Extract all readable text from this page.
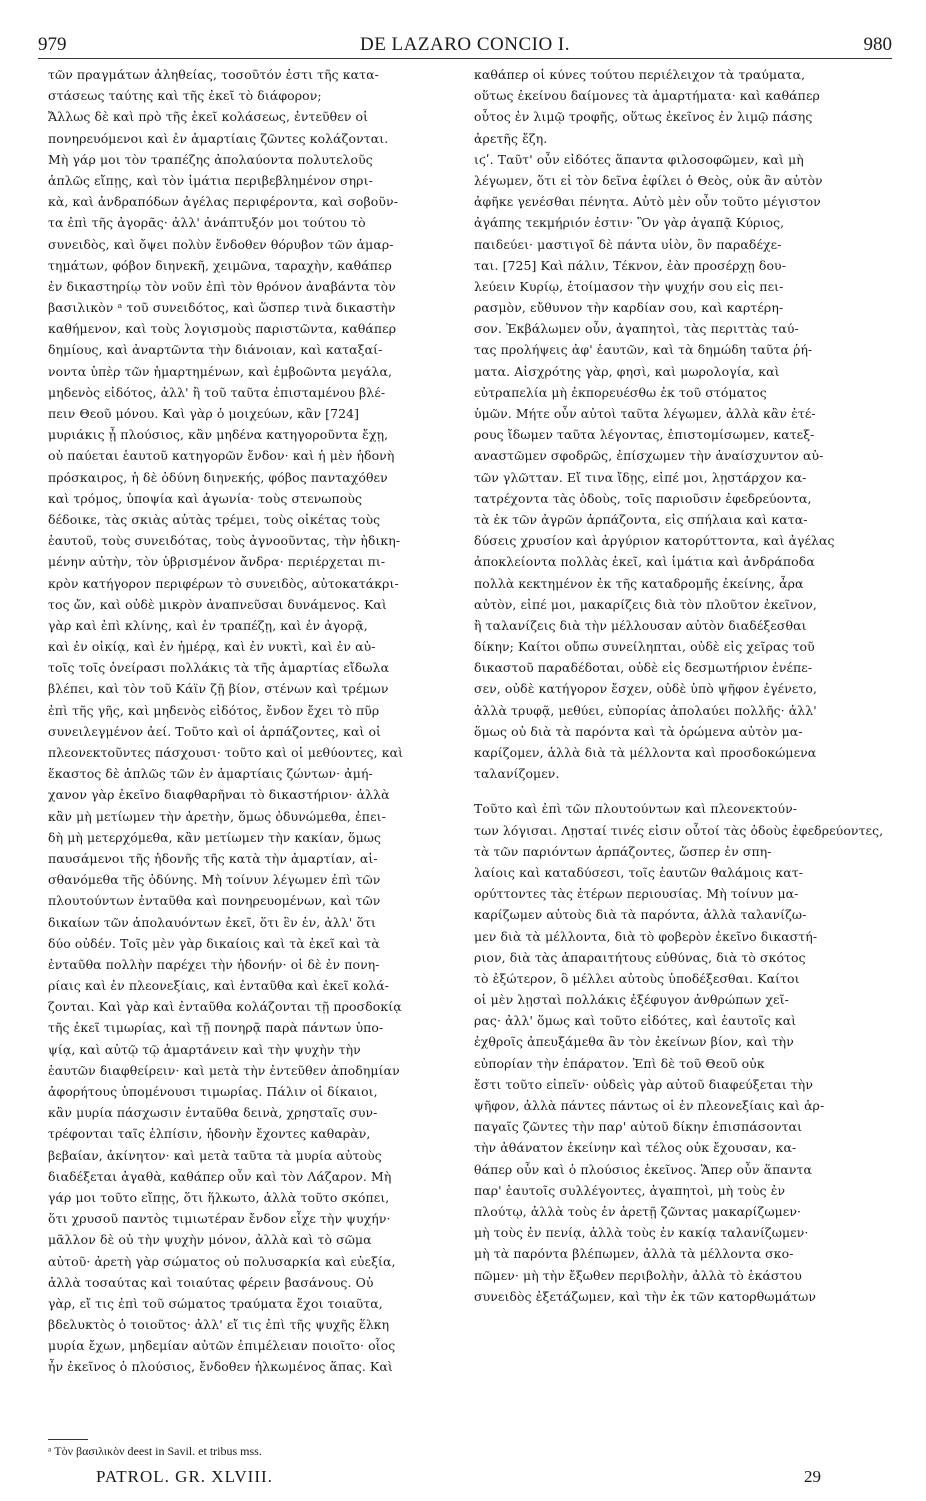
979	DE LAZARO CONCIO I.	980
τῶν πραγμάτων ἀληθείας, τοσοῦτόν ἐστι τῆς κατα-
στάσεως ταύτης καὶ τῆς ἐκεῖ τὸ διάφορον;
Ἄλλως δὲ καὶ πρὸ τῆς ἐκεῖ κολάσεως, ἐντεῦθεν οἱ
πονηρευόμενοι καὶ ἐν ἁμαρτίαις ζῶντες κολάζονται.
Μὴ γάρ μοι τὸν τραπέζης ἀπολαύοντα πολυτελοῦς
ἁπλῶς εἴπῃς, καὶ τὸν ἱμάτια περιβεβλημένον σηρι-
κὰ, καὶ ἀνδραπόδων ἀγέλας περιφέροντα, καὶ σοβοῦν-
τα ἐπὶ τῆς ἀγορᾶς· ἀλλ' ἀνάπτυξόν μοι τούτου τὸ
συνειδὸς, καὶ ὄψει πολὺν ἔνδοθεν θόρυβον τῶν ἁμαρ-
τημάτων, φόβον διηνεκῆ, χειμῶνα, ταραχὴν, καθάπερ
ἐν δικαστηρίῳ τὸν νοῦν ἐπὶ τὸν θρόνον ἀναβάντα τὸν
βασιλικὸν ᵃ τοῦ συνειδότος, καὶ ὥσπερ τινὰ δικαστὴν
καθήμενον, καὶ τοὺς λογισμοὺς παριστῶντα, καθάπερ
δημίους, καὶ ἀναρτῶντα τὴν διάνοιαν, καὶ καταξαί-
νοντα ὑπὲρ τῶν ἡμαρτημένων, καὶ ἐμβοῶντα μεγάλα,
μηδενὸς εἰδότος, ἀλλ' ἢ τοῦ ταῦτα ἐπισταμένου βλέ-
πειν Θεοῦ μόνου. Καὶ γὰρ ὁ μοιχεύων, κἂν [724]
μυριάκις ᾖ πλούσιος, κἂν μηδένα κατηγοροῦντα ἔχῃ,
οὐ παύεται ἑαυτοῦ κατηγορῶν ἔνδον· καὶ ἡ μὲν ἡδονὴ
πρόσκαιρος, ἡ δὲ ὀδύνη διηνεκής, φόβος πανταχόθεν
καὶ τρόμος, ὑποψία καὶ ἀγωνία· τοὺς στενωποὺς
δέδοικε, τὰς σκιὰς αὐτὰς τρέμει, τοὺς οἰκέτας τοὺς
ἑαυτοῦ, τοὺς συνειδότας, τοὺς ἀγνοοῦντας, τὴν ἠδικη-
μένην αὐτὴν, τὸν ὑβρισμένον ἄνδρα· περιέρχεται πι-
κρὸν κατήγορον περιφέρων τὸ συνειδὸς, αὐτοκατάκρι-
τος ὤν, καὶ οὐδὲ μικρὸν ἀναπνεῦσαι δυνάμενος. Καὶ
γὰρ καὶ ἐπὶ κλίνης, καὶ ἐν τραπέζῃ, καὶ ἐν ἀγορᾷ,
καὶ ἐν οἰκίᾳ, καὶ ἐν ἡμέρᾳ, καὶ ἐν νυκτὶ, καὶ ἐν αὐ-
τοῖς τοῖς ὀνείρασι πολλάκις τὰ τῆς ἁμαρτίας εἴδωλα
βλέπει, καὶ τὸν τοῦ Κάϊν ζῇ βίον, στένων καὶ τρέμων
ἐπὶ τῆς γῆς, καὶ μηδενὸς εἰδότος, ἔνδον ἔχει τὸ πῦρ
συνειλεγμένον ἀεί. Τοῦτο καὶ οἱ ἁρπάζοντες, καὶ οἱ
πλεονεκτοῦντες πάσχουσι· τοῦτο καὶ οἱ μεθύοντες, καὶ
ἕκαστος δὲ ἁπλῶς τῶν ἐν ἁμαρτίαις ζώντων· ἀμή-
χανον γὰρ ἐκεῖνο διαφθαρῆναι τὸ δικαστήριον· ἀλλὰ
κἂν μὴ μετίωμεν τὴν ἀρετὴν, ὅμως ὀδυνώμεθα, ἐπει-
δὴ μὴ μετερχόμεθα, κἂν μετίωμεν τὴν κακίαν, ὅμως
παυσάμενοι τῆς ἡδονῆς τῆς κατὰ τὴν ἁμαρτίαν, αἰ-
σθανόμεθα τῆς ὀδύνης. Μὴ τοίνυν λέγωμεν ἐπὶ τῶν
πλουτούντων ἐνταῦθα καὶ πονηρευομένων, καὶ τῶν
δικαίων τῶν ἀπολαυόντων ἐκεῖ, ὅτι ἓν ἐν, ἀλλ' ὅτι
δύο οὐδέν. Τοῖς μὲν γὰρ δικαίοις καὶ τὰ ἐκεῖ καὶ τὰ
ἐνταῦθα πολλὴν παρέχει τὴν ἡδονήν· οἱ δὲ ἐν πονη-
ρίαις καὶ ἐν πλεονεξίαις, καὶ ἐνταῦθα καὶ ἐκεῖ κολά-
ζονται. Καὶ γὰρ καὶ ἐνταῦθα κολάζονται τῇ προσδοκίᾳ
τῆς ἐκεῖ τιμωρίας, καὶ τῇ πονηρᾷ παρὰ πάντων ὑπο-
ψίᾳ, καὶ αὐτῷ τῷ ἁμαρτάνειν καὶ τὴν ψυχὴν τὴν
ἑαυτῶν διαφθείρειν· καὶ μετὰ τὴν ἐντεῦθεν ἀποδημίαν
ἀφορήτους ὑπομένουσι τιμωρίας. Πάλιν οἱ δίκαιοι,
κἂν μυρία πάσχωσιν ἐνταῦθα δεινὰ, χρησταῖς συν-
τρέφονται ταῖς ἐλπίσιν, ἡδονὴν ἔχοντες καθαρὰν,
βεβαίαν, ἀκίνητον· καὶ μετὰ ταῦτα τὰ μυρία αὐτοὺς
διαδέξεται ἀγαθὰ, καθάπερ οὖν καὶ τὸν Λάζαρον. Μὴ
γάρ μοι τοῦτο εἴπῃς, ὅτι ἥλκωτο, ἀλλὰ τοῦτο σκόπει,
ὅτι χρυσοῦ παντὸς τιμιωτέραν ἔνδον εἶχε τὴν ψυχήν·
μᾶλλον δὲ οὐ τὴν ψυχὴν μόνον, ἀλλὰ καὶ τὸ σῶμα
αὐτοῦ· ἀρετὴ γὰρ σώματος οὐ πολυσαρκία καὶ εὐεξία,
ἀλλὰ τοσαύτας καὶ τοιαύτας φέρειν βασάνους. Οὐ
γὰρ, εἴ τις ἐπὶ τοῦ σώματος τραύματα ἔχοι τοιαῦτα,
βδελυκτὸς ὁ τοιοῦτος· ἀλλ' εἴ τις ἐπὶ τῆς ψυχῆς ἕλκη
μυρία ἔχων, μηδεμίαν αὐτῶν ἐπιμέλειαν ποιοῖτο· οἷος
ἦν ἐκεῖνος ὁ πλούσιος, ἔνδοθεν ἡλκωμένος ἅπας. Καὶ
καθάπερ οἱ κύνες τούτου περιέλειχον τὰ τραύματα,
οὕτως ἐκείνου δαίμονες τὰ ἁμαρτήματα· καὶ καθάπερ
οὗτος ἐν λιμῷ τροφῆς, οὕτως ἐκεῖνος ἐν λιμῷ πάσης
ἀρετῆς ἔζη.
ιϛʹ. Ταῦτ' οὖν εἰδότες ἅπαντα φιλοσοφῶμεν, καὶ μὴ
λέγωμεν, ὅτι εἰ τὸν δεῖνα ἐφίλει ὁ Θεὸς, οὐκ ἂν αὐτὸν
ἀφῆκε γενέσθαι πένητα. Αὐτὸ μὲν οὖν τοῦτο μέγιστον
ἀγάπης τεκμήριόν ἐστιν· Ὃν γὰρ ἀγαπᾷ Κύριος,
παιδεύει· μαστιγοῖ δὲ πάντα υἱὸν, ὃν παραδέχε-
ται. [725] Καὶ πάλιν, Τέκνον, ἐὰν προσέρχῃ δου-
λεύειν Κυρίῳ, ἑτοίμασον τὴν ψυχήν σου εἰς πει-
ρασμὸν, εὔθυνον τὴν καρδίαν σου, καὶ καρτέρη-
σον. Ἐκβάλωμεν οὖν, ἀγαπητοὶ, τὰς περιττὰς ταύ-
τας προλήψεις ἀφ' ἑαυτῶν, καὶ τὰ δημώδη ταῦτα ῥή-
ματα. Αἰσχρότης γὰρ, φησὶ, καὶ μωρολογία, καὶ
εὐτραπελία μὴ ἐκπορευέσθω ἐκ τοῦ στόματος
ὑμῶν. Μήτε οὖν αὐτοὶ ταῦτα λέγωμεν, ἀλλὰ κἂν ἑτέ-
ρους ἴδωμεν ταῦτα λέγοντας, ἐπιστομίσωμεν, κατεξ-
αναστῶμεν σφοδρῶς, ἐπίσχωμεν τὴν ἀναίσχυντον αὐ-
τῶν γλῶτταν. Εἴ τινα ἴδῃς, εἰπέ μοι, λῃστάρχον κα-
τατρέχοντα τὰς ὁδοὺς, τοῖς παριοῦσιν ἐφεδρεύοντα,
τὰ ἐκ τῶν ἀγρῶν ἁρπάζοντα, εἰς σπήλαια καὶ κατα-
δύσεις χρυσίον καὶ ἀργύριον κατορύττοντα, καὶ ἀγέλας
ἀποκλείοντα πολλὰς ἐκεῖ, καὶ ἱμάτια καὶ ἀνδράποδα
πολλὰ κεκτημένον ἐκ τῆς καταδρομῆς ἐκείνης, ἆρα
αὐτὸν, εἰπέ μοι, μακαρίζεις διὰ τὸν πλοῦτον ἐκεῖνον,
ἢ ταλανίζεις διὰ τὴν μέλλουσαν αὐτὸν διαδέξεσθαι
δίκην; Καίτοι οὔπω συνείληπται, οὐδὲ εἰς χεῖρας τοῦ
δικαστοῦ παραδέδοται, οὐδὲ εἰς δεσμωτήριον ἐνέπε-
σεν, οὐδὲ κατήγορον ἔσχεν, οὐδὲ ὑπὸ ψῆφον ἐγένετο,
ἀλλὰ τρυφᾷ, μεθύει, εὐπορίας ἀπολαύει πολλῆς· ἀλλ'
ὅμως οὐ διὰ τὰ παρόντα καὶ τὰ ὁρώμενα αὐτὸν μα-
καρίζομεν, ἀλλὰ διὰ τὰ μέλλοντα καὶ προσδοκώμενα
ταλανίζομεν.
Τοῦτο καὶ ἐπὶ τῶν πλουτούντων καὶ πλεονεκτούν-
των λόγισαι. Λῃσταί τινές εἰσιν οὗτοί τὰς ὁδοὺς ἐφεδρεύοντες,
τὰ τῶν παριόντων ἁρπάζοντες, ὥσπερ ἐν σπη-
λαίοις καὶ καταδύσεσι, τοῖς ἑαυτῶν θαλάμοις κατ-
ορύττοντες τὰς ἑτέρων περιουσίας. Μὴ τοίνυν μα-
καρίζωμεν αὐτοὺς διὰ τὰ παρόντα, ἀλλὰ ταλανίζω-
μεν διὰ τὰ μέλλοντα, διὰ τὸ φοβερὸν ἐκεῖνο δικαστή-
ριον, διὰ τὰς ἀπαραιτήτους εὐθύνας, διὰ τὸ σκότος
τὸ ἐξώτερον, ὃ μέλλει αὐτοὺς ὑποδέξεσθαι. Καίτοι
οἱ μὲν λῃσταὶ πολλάκις ἐξέφυγον ἀνθρώπων χεῖ-
ρας· ἀλλ' ὅμως καὶ τοῦτο εἰδότες, καὶ ἑαυτοῖς καὶ
ἐχθροῖς ἀπευξάμεθα ἂν τὸν ἐκείνων βίον, καὶ τὴν
εὐπορίαν τὴν ἐπάρατον. Ἐπὶ δὲ τοῦ Θεοῦ οὐκ
ἔστι τοῦτο εἰπεῖν· οὐδεὶς γὰρ αὐτοῦ διαφεύξεται τὴν
ψῆφον, ἀλλὰ πάντες πάντως οἱ ἐν πλεονεξίαις καὶ ἁρ-
παγαῖς ζῶντες τὴν παρ' αὐτοῦ δίκην ἐπισπάσονται
τὴν ἀθάνατον ἐκείνην καὶ τέλος οὐκ ἔχουσαν, κα-
θάπερ οὖν καὶ ὁ πλούσιος ἐκεῖνος. Ἅπερ οὖν ἅπαντα
παρ' ἑαυτοῖς συλλέγοντες, ἀγαπητοὶ, μὴ τοὺς ἐν
πλούτῳ, ἀλλὰ τοὺς ἐν ἀρετῇ ζῶντας μακαρίζωμεν·
μὴ τοὺς ἐν πενίᾳ, ἀλλὰ τοὺς ἐν κακίᾳ ταλανίζωμεν·
μὴ τὰ παρόντα βλέπωμεν, ἀλλὰ τὰ μέλλοντα σκο-
πῶμεν· μὴ τὴν ἔξωθεν περιβολὴν, ἀλλὰ τὸ ἑκάστου
συνειδὸς ἐξετάζωμεν, καὶ τὴν ἐκ τῶν κατορθωμάτων
ᵃ Τὸν βασιλικὸν deest in Savil. et tribus mss.
PATROL. GR. XLVIII.	29
